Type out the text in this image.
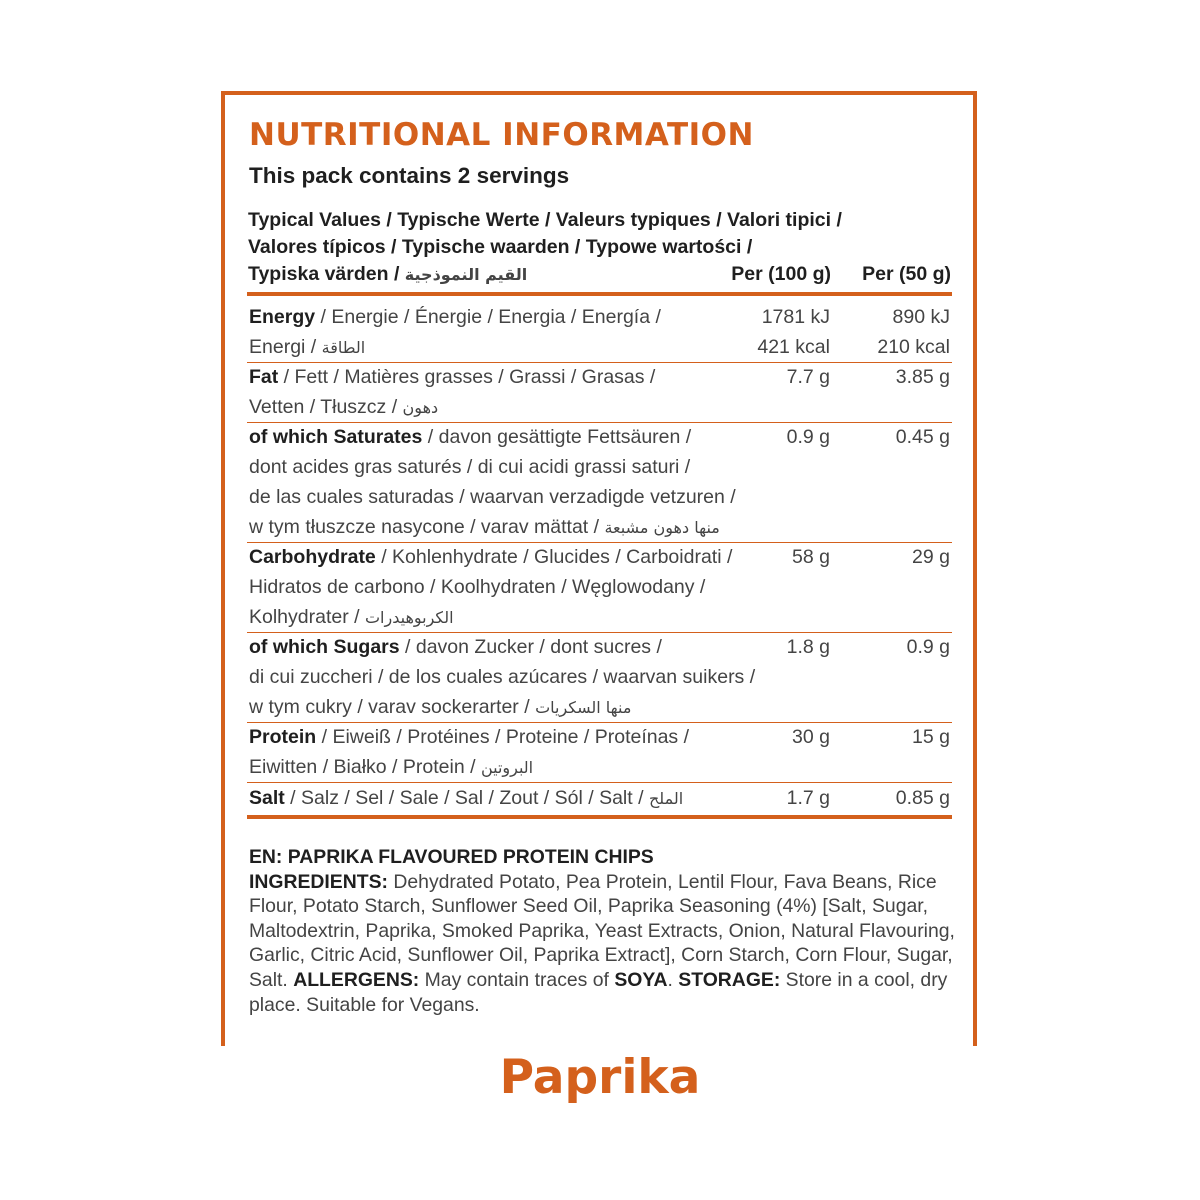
NUTRITIONAL INFORMATION
This pack contains 2 servings
Typical Values / Typische Werte / Valeurs typiques / Valori tipici /
Valores típicos / Typische waarden / Typowe wartości /
Typiska värden / القيم النموذجية	Per (100 g) Per (50 g)
Energy / Energie / Énergie / Energia / Energía /
Energi / الطاقة
1781 kJ	890 kJ
421 kcal 210 kcal
Fat / Fett / Matières grasses / Grassi / Grasas /
Vetten / Tłuszcz / دهون
7.7 g	3.85 g
of which Saturates / davon gesättigte Fettsäuren /
dont acides gras saturés / di cui acidi grassi saturi /
de las cuales saturadas / waarvan verzadigde vetzuren /
w tym tłuszcze nasycone / varav mättat / منها دهون مشبعة
0.9 g	0.45 g
Carbohydrate / Kohlenhydrate / Glucides / Carboidrati /
Hidratos de carbono / Koolhydraten / Węglowodany /
Kolhydrater / الكربوهيدرات
58 g	29 g
of which Sugars / davon Zucker / dont sucres /
di cui zuccheri / de los cuales azúcares / waarvan suikers /
w tym cukry / varav sockerarter / منها السكريات
1.8 g	0.9 g
Protein / Eiweiß / Protéines / Proteine / Proteínas /
Eiwitten / Białko / Protein / البروتين
30 g	15 g
Salt / Salz / Sel / Sale / Sal / Zout / Sól / Salt / الملح	1.7 g	0.85 g
EN: PAPRIKA FLAVOURED PROTEIN CHIPS
INGREDIENTS: Dehydrated Potato, Pea Protein, Lentil Flour, Fava Beans, Rice Flour, Potato Starch, Sunflower Seed Oil, Paprika Seasoning (4%) [Salt, Sugar, Maltodextrin, Paprika, Smoked Paprika, Yeast Extracts, Onion, Natural Flavouring, Garlic, Citric Acid, Sunflower Oil, Paprika Extract], Corn Starch, Corn Flour, Sugar, Salt. ALLERGENS: May contain traces of SOYA. STORAGE: Store in a cool, dry place. Suitable for Vegans.
Paprika
